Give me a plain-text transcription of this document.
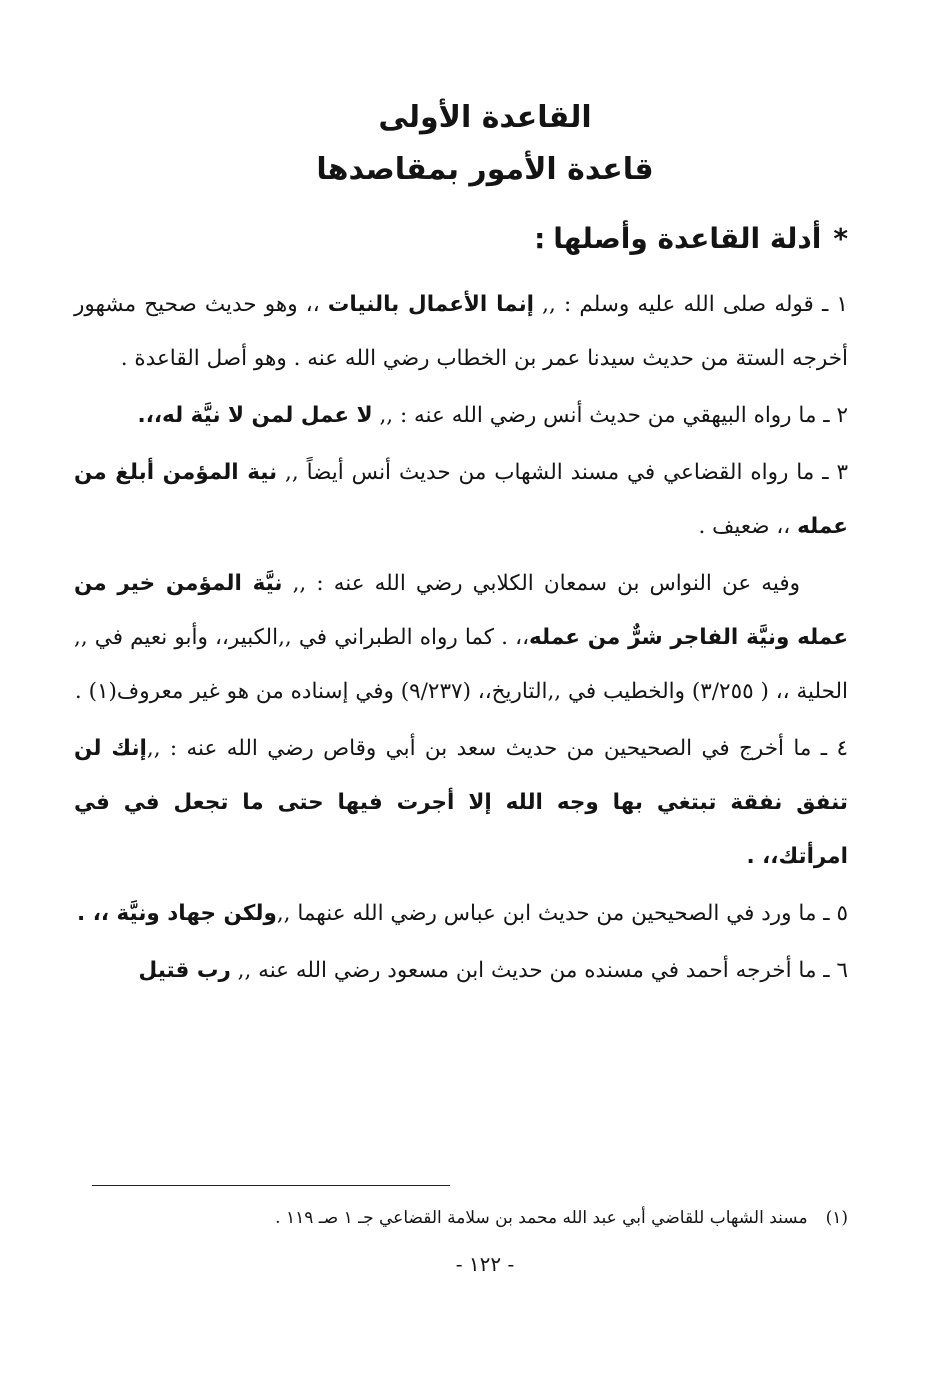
القاعدة الأولى
قاعدة الأمور بمقاصدها
*أدلة القاعدة وأصلها:

١ ـ قوله صلى الله عليه وسلم : ,, إنما الأعمال بالنيات ،، وهو حديث صحيح مشهور أخرجه الستة من حديث سيدنا عمر بن الخطاب رضي الله عنه . وهو أصل القاعدة .

٢ ـ ما رواه البيهقي من حديث أنس رضي الله عنه : ,, لا عمل لمن لا نيَّة له،،.

٣ ـ ما رواه القضاعي في مسند الشهاب من حديث أنس أيضاً ,, نية المؤمن أبلغ من عمله ،، ضعيف .

وفيه عن النواس بن سمعان الكلابي رضي الله عنه : ,, نيَّة المؤمن خير من عمله ونيَّة الفاجر شرٌّ من عمله،، . كما رواه الطبراني في ,,الكبير،، وأبو نعيم في ,, الحلية ،، ( ٣/٢٥٥) والخطيب في ,,التاريخ،، (٩/٢٣٧) وفي إسناده من هو غير معروف(١) .

٤ ـ ما أخرج في الصحيحين من حديث سعد بن أبي وقاص رضي الله عنه : ,,إنك لن تنفق نفقة تبتغي بها وجه الله إلا أجرت فيها حتى ما تجعل في في امرأتك،، .

٥ ـ ما ورد في الصحيحين من حديث ابن عباس رضي الله عنهما ,,ولكن جهاد ونيَّة ،، .

٦ ـ ما أخرجه أحمد في مسنده من حديث ابن مسعود رضي الله عنه ,, رب قتيل

(١)مسند الشهاب للقاضي أبي عبد الله محمد بن سلامة القضاعي جـ ١ صـ ١١٩ .

- ١٢٢ -
